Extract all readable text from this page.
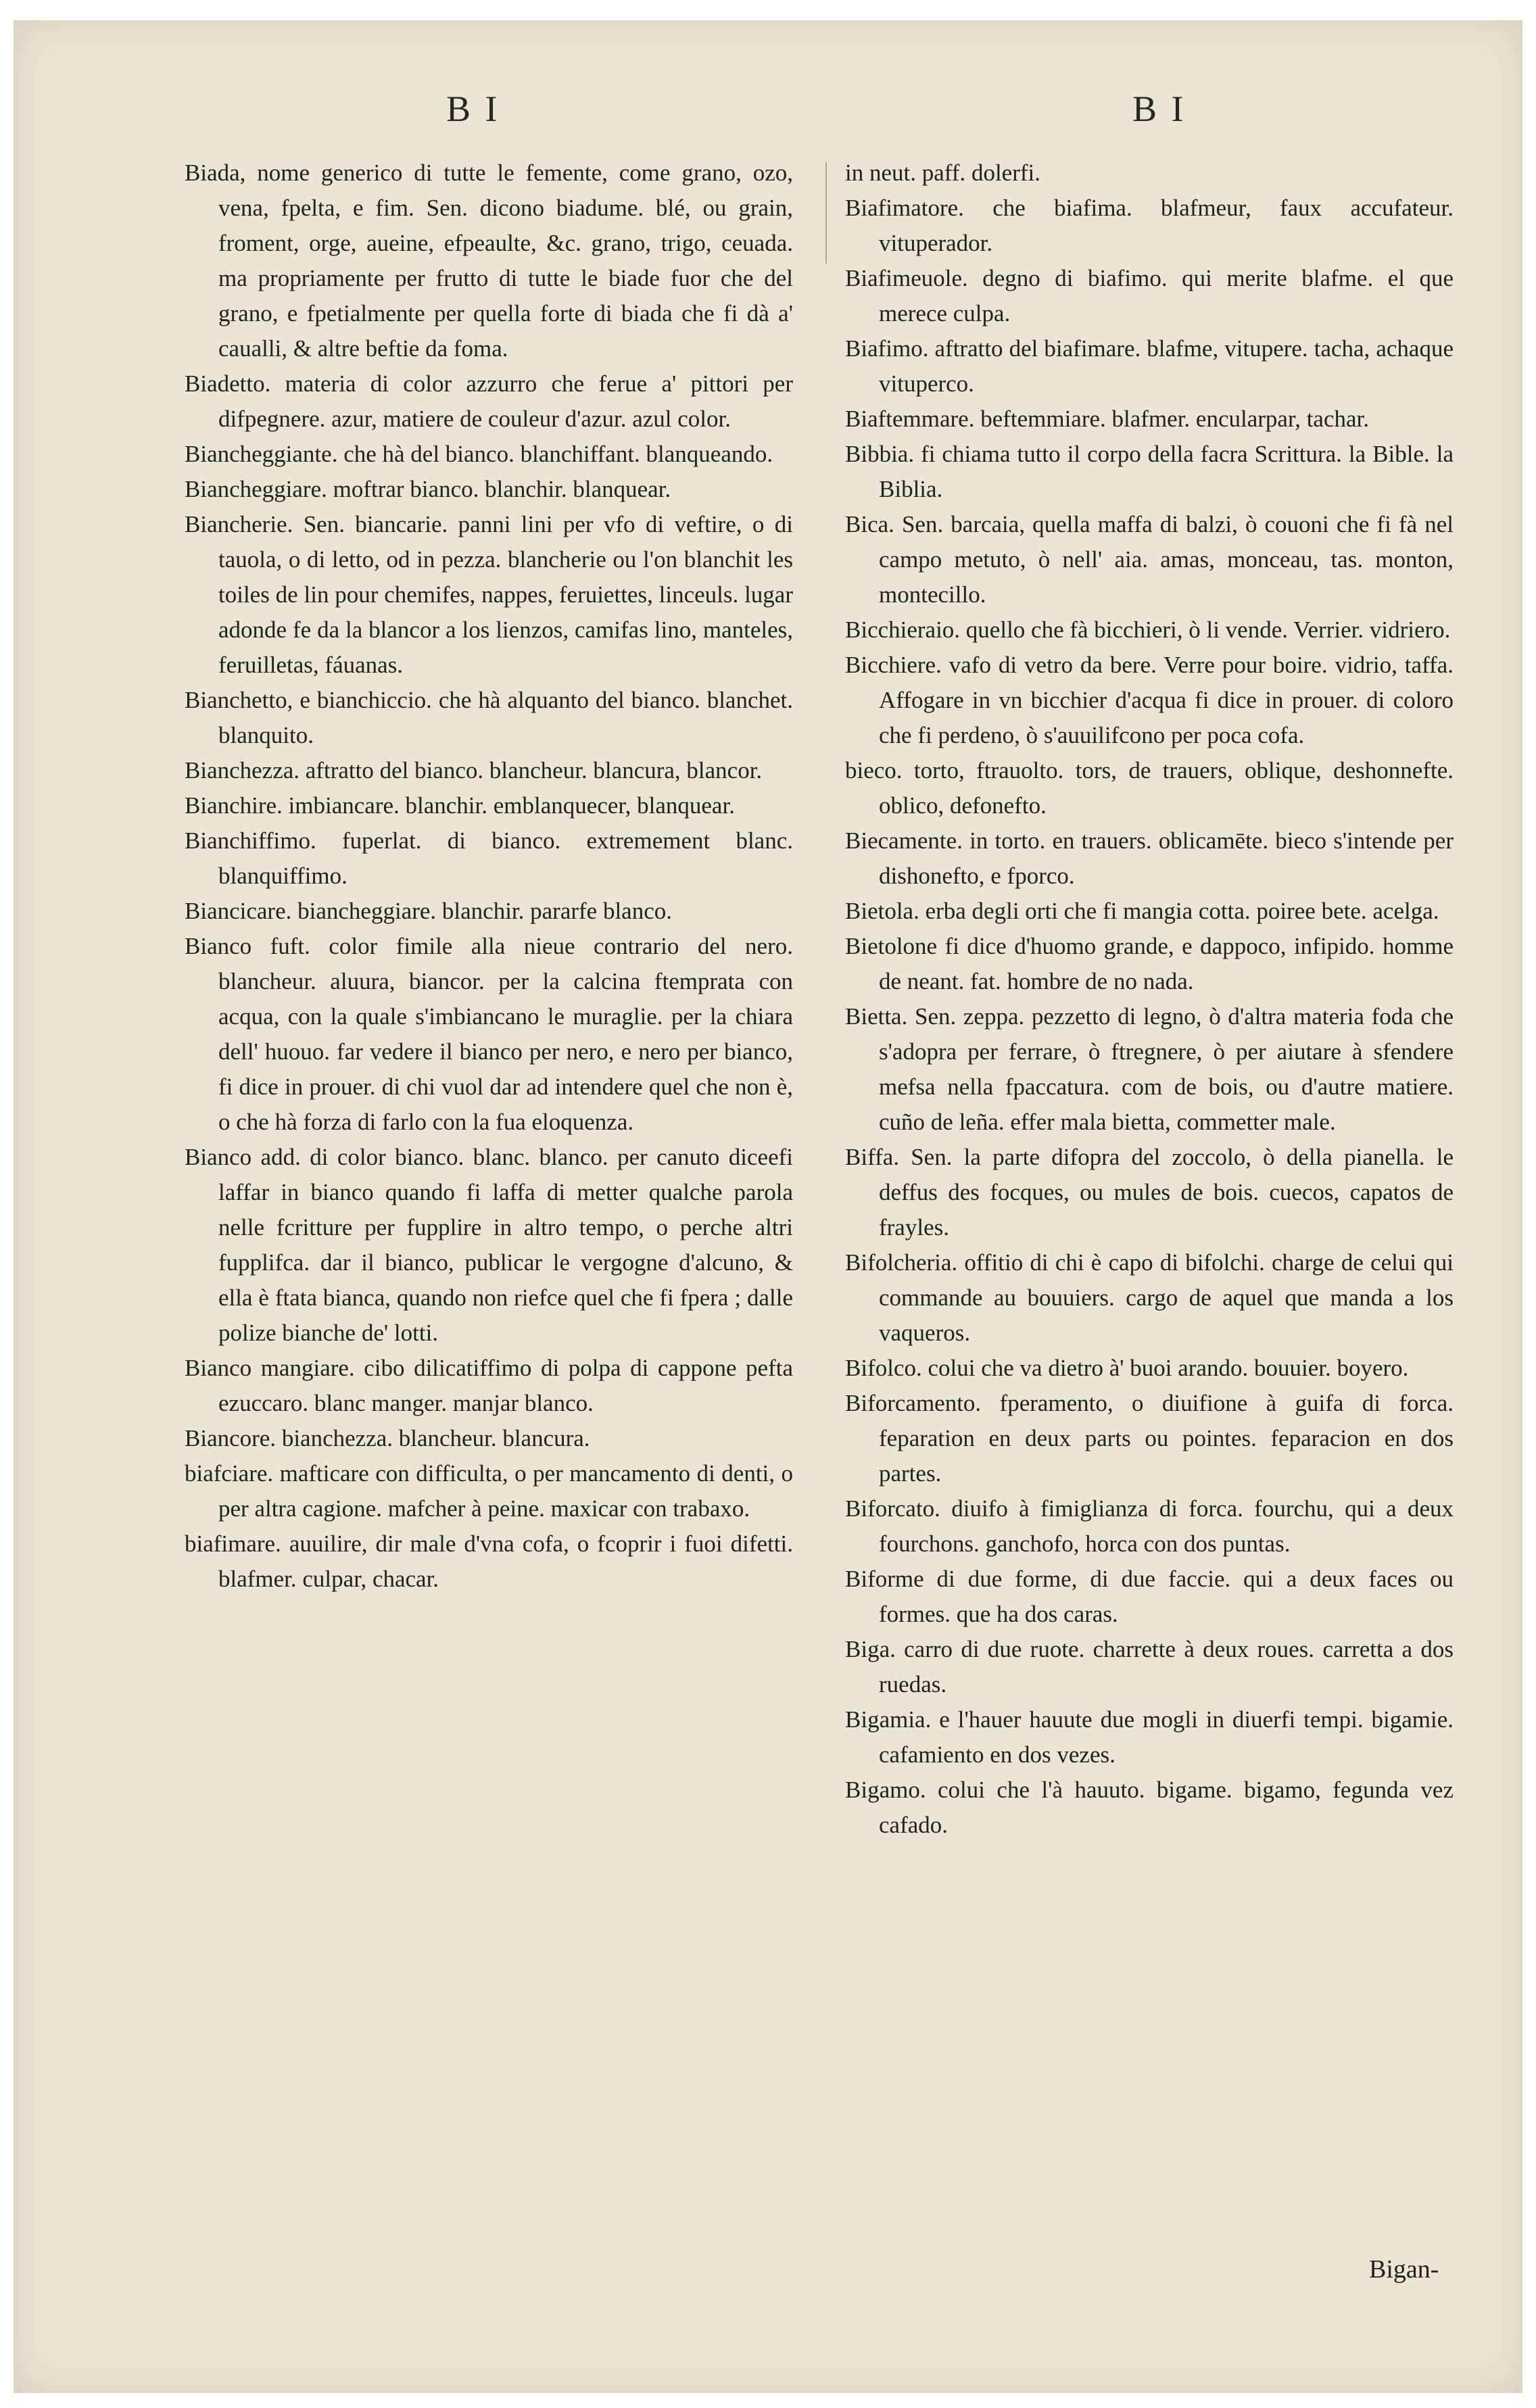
B I	B I

Biada, nome generico di tutte le femente, come grano, ozo, vena, fpelta, e fim. Sen. dicono biadume. blé, ou grain, froment, orge, aueine, efpeaulte, &c. grano, trigo, ceuada. ma propriamente per frutto di tutte le biade fuor che del grano, e fpetialmente per quella forte di biada che fi dà a' caualli, & altre beftie da foma.

Biadetto. materia di color azzurro che ferue a' pittori per difpegnere. azur, matiere de couleur d'azur. azul color.

Biancheggiante. che hà del bianco. blanchiffant. blanqueando.

Biancheggiare. moftrar bianco. blanchir. blanquear.

Biancherie. Sen. biancarie. panni lini per vfo di veftire, o di tauola, o di letto, od in pezza. blancherie ou l'on blanchit les toiles de lin pour chemifes, nappes, feruiettes, linceuls. lugar adonde fe da la blancor a los lienzos, camifas lino, manteles, feruilletas, fáuanas.

Bianchetto, e bianchiccio. che hà alquanto del bianco. blanchet. blanquito.

Bianchezza. aftratto del bianco. blancheur. blancura, blancor.

Bianchire. imbiancare. blanchir. emblanquecer, blanquear.

Bianchiffimo. fuperlat. di bianco. extremement blanc. blanquiffimo.

Biancicare. biancheggiare. blanchir. pararfe blanco.

Bianco fuft. color fimile alla nieue contrario del nero. blancheur. aluura, biancor. per la calcina ftemprata con acqua, con la quale s'imbiancano le muraglie. per la chiara dell' huouo. far vedere il bianco per nero, e nero per bianco, fi dice in prouer. di chi vuol dar ad intendere quel che non è, o che hà forza di farlo con la fua eloquenza.

Bianco add. di color bianco. blanc. blanco. per canuto diceefi laffar in bianco quando fi laffa di metter qualche parola nelle fcritture per fupplire in altro tempo, o perche altri fupplifca. dar il bianco, publicar le vergogne d'alcuno, & ella è ftata bianca, quando non riefce quel che fi fpera ; dalle polize bianche de' lotti.

Bianco mangiare. cibo dilicatiffimo di polpa di cappone pefta ezuccaro. blanc manger. manjar blanco.

Biancore. bianchezza. blancheur. blancura.

biafciare. mafticare con difficulta, o per mancamento di denti, o per altra cagione. mafcher à peine. maxicar con trabaxo.

biafimare. auuilire, dir male d'vna cofa, o fcoprir i fuoi difetti. blafmer. culpar, chacar.

in neut. paff. dolerfi.

Biafimatore. che biafima. blafmeur, faux accufateur. vituperador.

Biafimeuole. degno di biafimo. qui merite blafme. el que merece culpa.

Biafimo. aftratto del biafimare. blafme, vitupere. tacha, achaque vituperco.

Biaftemmare. beftemmiare. blafmer. encularpar, tachar.

Bibbia. fi chiama tutto il corpo della facra Scrittura. la Bible. la Biblia.

Bica. Sen. barcaia, quella maffa di balzi, ò couoni che fi fà nel campo metuto, ò nell' aia. amas, monceau, tas. monton, montecillo.

Bicchieraio. quello che fà bicchieri, ò li vende. Verrier. vidriero.

Bicchiere. vafo di vetro da bere. Verre pour boire. vidrio, taffa. Affogare in vn bicchier d'acqua fi dice in prouer. di coloro che fi perdeno, ò s'auuilifcono per poca cofa.

bieco. torto, ftrauolto. tors, de trauers, oblique, deshonnefte. oblico, defonefto.

Biecamente. in torto. en trauers. oblicamēte. bieco s'intende per dishonefto, e fporco.

Bietola. erba degli orti che fi mangia cotta. poiree bete. acelga.

Bietolone fi dice d'huomo grande, e dappoco, infipido. homme de neant. fat. hombre de no nada.

Bietta. Sen. zeppa. pezzetto di legno, ò d'altra materia foda che s'adopra per ferrare, ò ftregnere, ò per aiutare à sfendere mefsa nella fpaccatura. com de bois, ou d'autre matiere. cuño de leña. effer mala bietta, commetter male.

Biffa. Sen. la parte difopra del zoccolo, ò della pianella. le deffus des focques, ou mules de bois. cuecos, capatos de frayles.

Bifolcheria. offitio di chi è capo di bifolchi. charge de celui qui commande au bouuiers. cargo de aquel que manda a los vaqueros.

Bifolco. colui che va dietro à' buoi arando. bouuier. boyero.

Biforcamento. fperamento, o diuifione à guifa di forca. feparation en deux parts ou pointes. feparacion en dos partes.

Biforcato. diuifo à fimiglianza di forca. fourchu, qui a deux fourchons. ganchofo, horca con dos puntas.

Biforme di due forme, di due faccie. qui a deux faces ou formes. que ha dos caras.

Biga. carro di due ruote. charrette à deux roues. carretta a dos ruedas.

Bigamia. e l'hauer hauute due mogli in diuerfi tempi. bigamie. cafamiento en dos vezes.

Bigamo. colui che l'à hauuto. bigame. bigamo, fegunda vez cafado.

Bigan-
